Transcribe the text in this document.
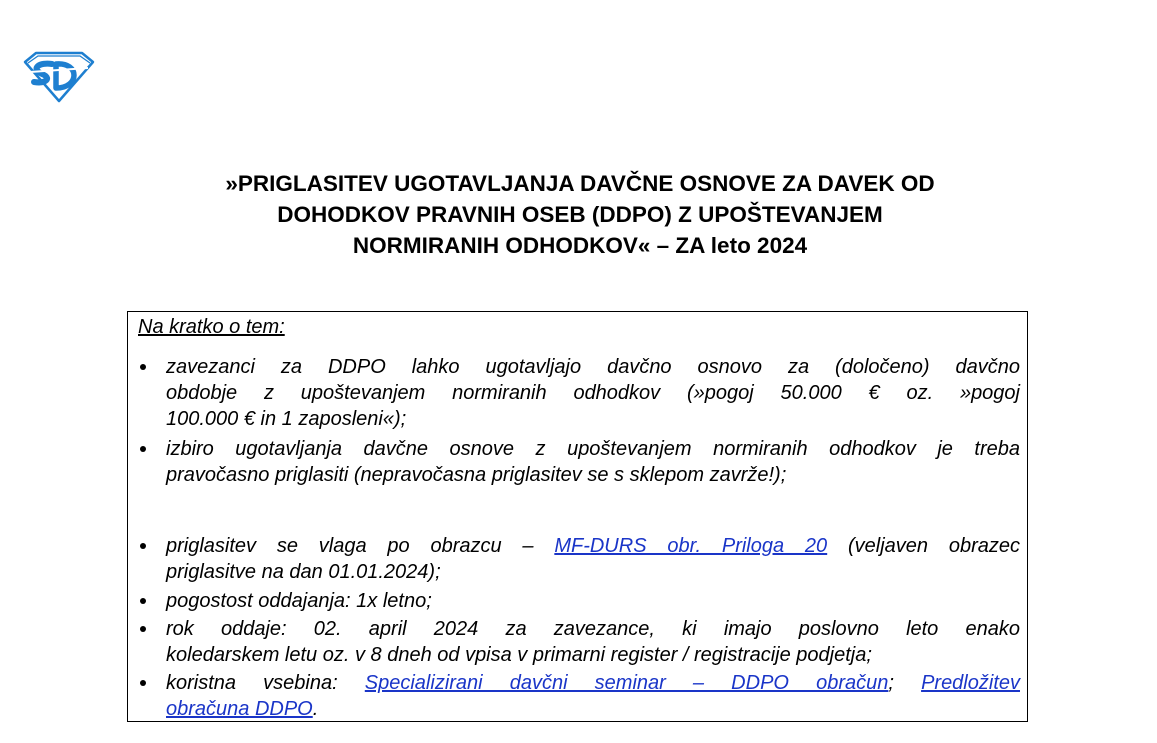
»PRIGLASITEV UGOTAVLJANJA DAVČNE OSNOVE ZA DAVEK OD
DOHODKOV PRAVNIH OSEB (DDPO) Z UPOŠTEVANJEM
NORMIRANIH ODHODKOV« – ZA leto 2024
Na kratko o tem:
zavezanci za DDPO lahko ugotavljajo davčno osnovo za (določeno) davčno
obdobje z upoštevanjem normiranih odhodkov (»pogoj 50.000 € oz. »pogoj
100.000 € in 1 zaposleni«);
izbiro ugotavljanja davčne osnove z upoštevanjem normiranih odhodkov je treba
pravočasno priglasiti (nepravočasna priglasitev se s sklepom zavrže!);
priglasitev se vlaga po obrazcu – MF-DURS obr. Priloga 20 (veljaven obrazec
priglasitve na dan 01.01.2024);
pogostost oddajanja: 1x letno;
rok oddaje: 02. april 2024 za zavezance, ki imajo poslovno leto enako
koledarskem letu oz. v 8 dneh od vpisa v primarni register / registracije podjetja;
koristna vsebina: Specializirani davčni seminar – DDPO obračun; Predložitev
obračuna DDPO.
